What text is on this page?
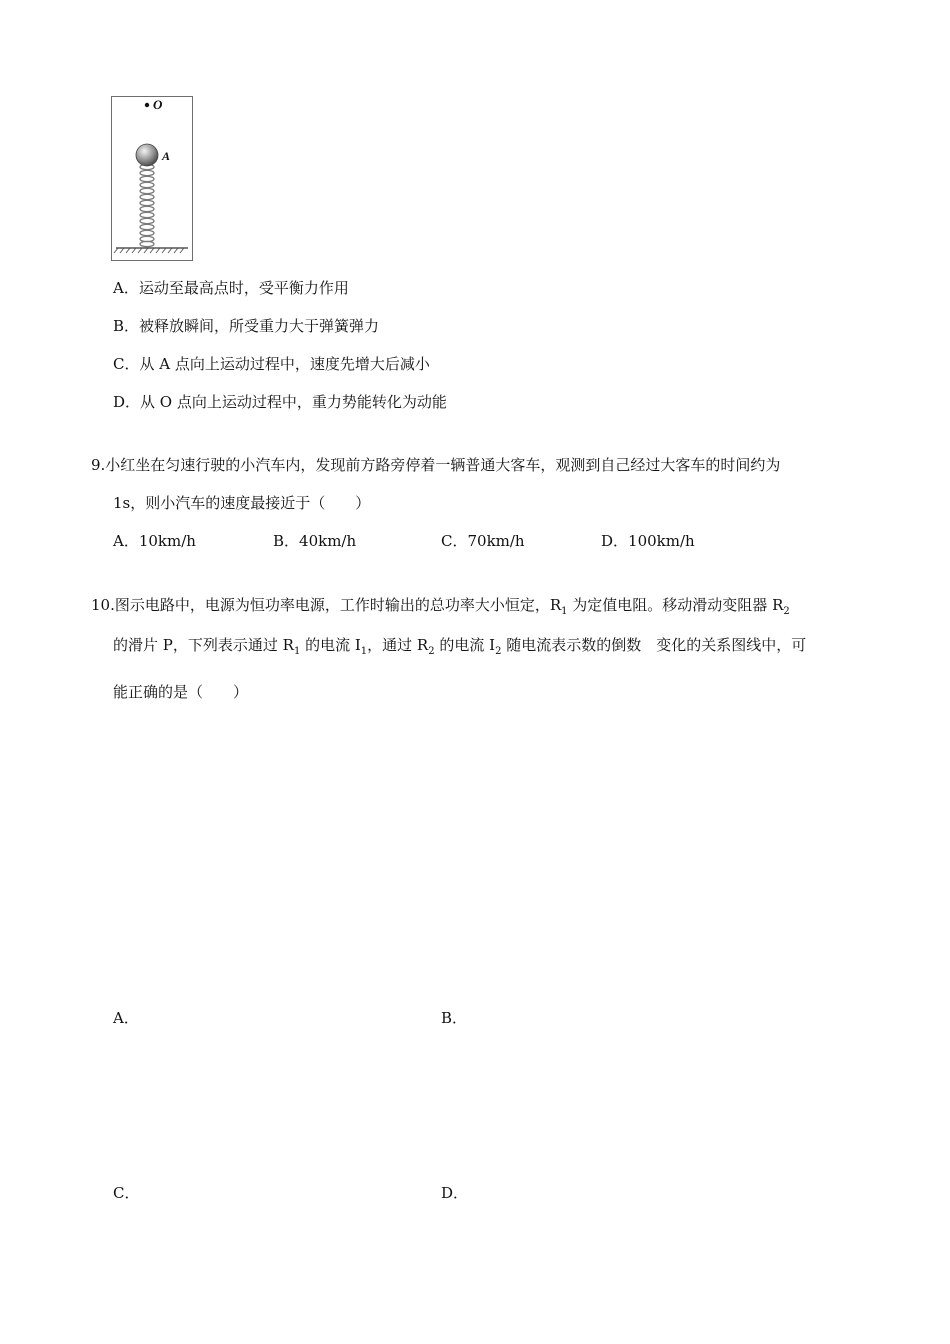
O
A
A．运动至最高点时，受平衡力作用
B．被释放瞬间，所受重力大于弹簧弹力
C．从 A 点向上运动过程中，速度先增大后减小
D．从 O 点向上运动过程中，重力势能转化为动能
9.小红坐在匀速行驶的小汽车内，发现前方路旁停着一辆普通大客车，观测到自己经过大客车的时间约为
1s，则小汽车的速度最接近于（　　）
A．10km/h	B．40km/h	C．70km/h	D．100km/h
10.图示电路中，电源为恒功率电源，工作时输出的总功率大小恒定，$R_1$ 为定值电阻。移动滑动变阻器 $R_2$
的滑片 P，下列表示通过 $R_1$ 的电流 $I_1$，通过 $R_2$ 的电流 $I_2$ 随电流表示数的倒数　变化的关系图线中，可
能正确的是（　　）
A．	B．
C．	D．
